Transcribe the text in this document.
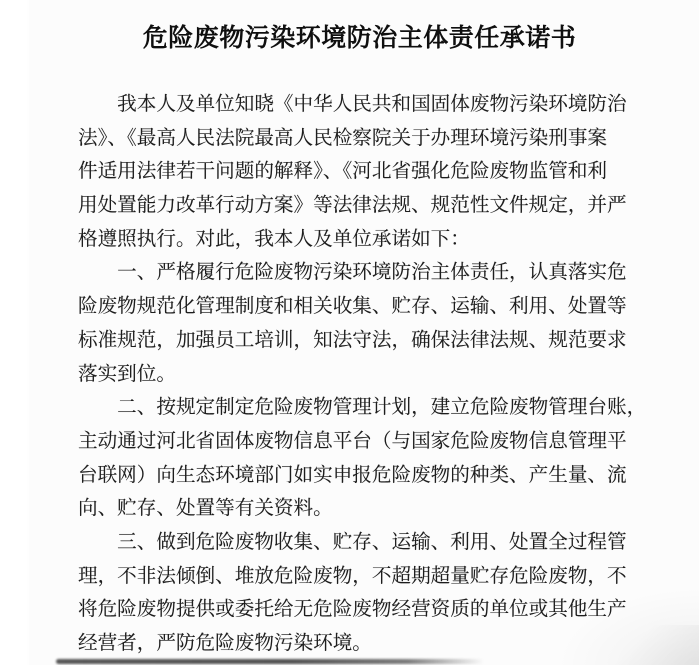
危险废物污染环境防治主体责任承诺书
　　我本人及单位知晓《中华人民共和国固体废物污染环境防治
法》、《最高人民法院最高人民检察院关于办理环境污染刑事案
件适用法律若干问题的解释》、《河北省强化危险废物监管和利
用处置能力改革行动方案》等法律法规、规范性文件规定，并严
格遵照执行。对此，我本人及单位承诺如下：
　　一、严格履行危险废物污染环境防治主体责任，认真落实危
险废物规范化管理制度和相关收集、贮存、运输、利用、处置等
标准规范，加强员工培训，知法守法，确保法律法规、规范要求
落实到位。
　　二、按规定制定危险废物管理计划，建立危险废物管理台账，
主动通过河北省固体废物信息平台（与国家危险废物信息管理平
台联网）向生态环境部门如实申报危险废物的种类、产生量、流
向、贮存、处置等有关资料。
　　三、做到危险废物收集、贮存、运输、利用、处置全过程管
理，不非法倾倒、堆放危险废物，不超期超量贮存危险废物，不
将危险废物提供或委托给无危险废物经营资质的单位或其他生产
经营者，严防危险废物污染环境。
